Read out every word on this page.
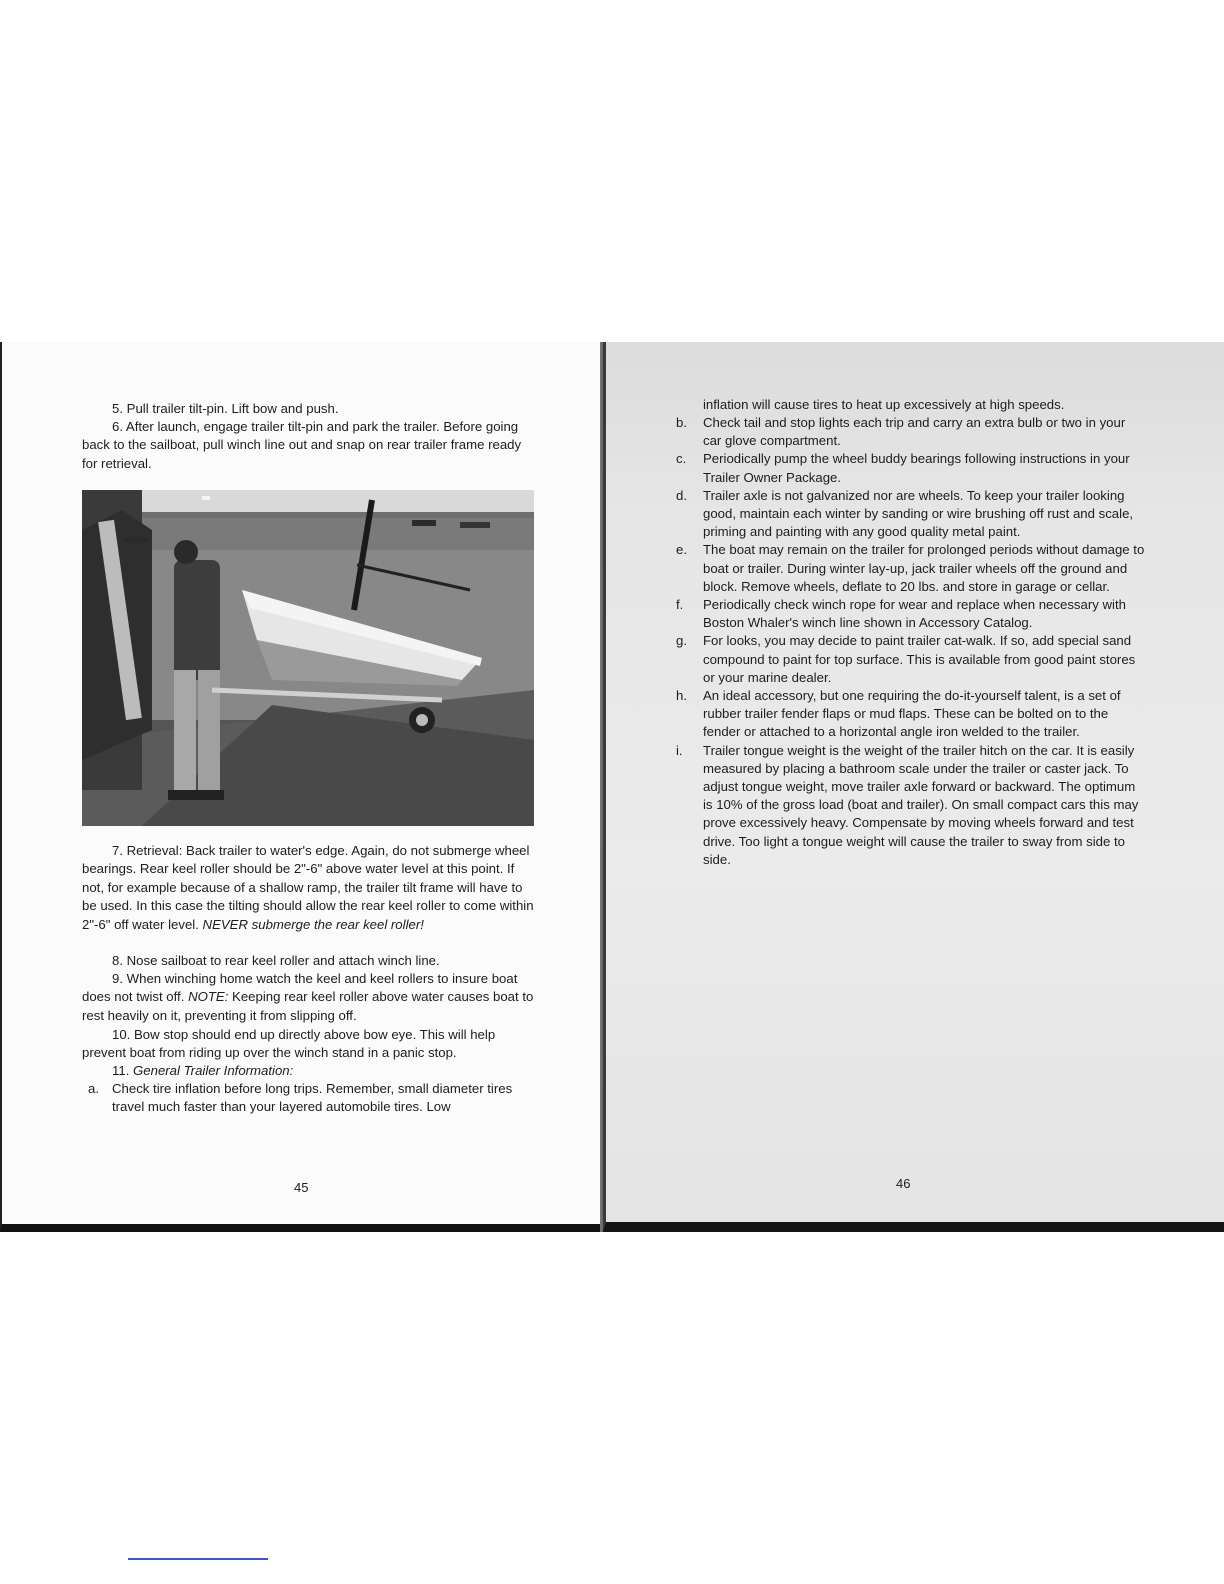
5. Pull trailer tilt-pin. Lift bow and push.

6. After launch, engage trailer tilt-pin and park the trailer. Before going back to the sailboat, pull winch line out and snap on rear trailer frame ready for retrieval.

7. Retrieval: Back trailer to water's edge. Again, do not submerge wheel bearings. Rear keel roller should be 2"-6" above water level at this point. If not, for example because of a shallow ramp, the trailer tilt frame will have to be used. In this case the tilting should allow the rear keel roller to come within 2"-6" off water level. NEVER submerge the rear keel roller!

8. Nose sailboat to rear keel roller and attach winch line.

9. When winching home watch the keel and keel rollers to insure boat does not twist off. NOTE: Keeping rear keel roller above water causes boat to rest heavily on it, preventing it from slipping off.

10. Bow stop should end up directly above bow eye. This will help prevent boat from riding up over the winch stand in a panic stop.

11. General Trailer Information:

a. Check tire inflation before long trips. Remember, small diameter tires travel much faster than your layered automobile tires. Low
45
inflation will cause tires to heat up excessively at high speeds.
b. Check tail and stop lights each trip and carry an extra bulb or two in your car glove compartment.
c. Periodically pump the wheel buddy bearings following instructions in your Trailer Owner Package.
d. Trailer axle is not galvanized nor are wheels. To keep your trailer looking good, maintain each winter by sanding or wire brushing off rust and scale, priming and painting with any good quality metal paint.
e. The boat may remain on the trailer for prolonged periods without damage to boat or trailer. During winter lay-up, jack trailer wheels off the ground and block. Remove wheels, deflate to 20 lbs. and store in garage or cellar.
f. Periodically check winch rope for wear and replace when necessary with Boston Whaler's winch line shown in Accessory Catalog.
g. For looks, you may decide to paint trailer cat-walk. If so, add special sand compound to paint for top surface. This is available from good paint stores or your marine dealer.
h. An ideal accessory, but one requiring the do-it-yourself talent, is a set of rubber trailer fender flaps or mud flaps. These can be bolted on to the fender or attached to a horizontal angle iron welded to the trailer.
i. Trailer tongue weight is the weight of the trailer hitch on the car. It is easily measured by placing a bathroom scale under the trailer or caster jack. To adjust tongue weight, move trailer axle forward or backward. The optimum is 10% of the gross load (boat and trailer). On small compact cars this may prove excessively heavy. Compensate by moving wheels forward and test drive. Too light a tongue weight will cause the trailer to sway from side to side.
46
